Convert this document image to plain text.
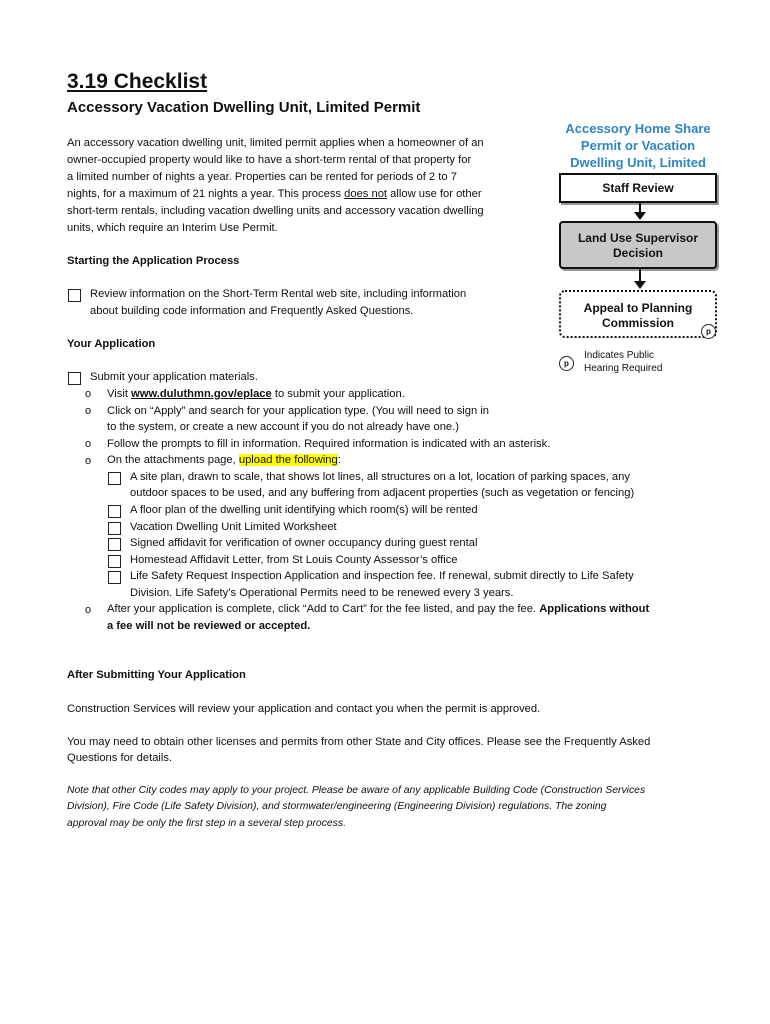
3.19 Checklist
Accessory Vacation Dwelling Unit, Limited Permit
An accessory vacation dwelling unit, limited permit applies when a homeowner of an
owner-occupied property would like to have a short-term rental of that property for
a limited number of nights a year. Properties can be rented for periods of 2 to 7
nights, for a maximum of 21 nights a year. This process does not allow use for other
short-term rentals, including vacation dwelling units and accessory vacation dwelling
units, which require an Interim Use Permit.
Starting the Application Process
Review information on the Short-Term Rental web site, including information
about building code information and Frequently Asked Questions.
Your Application
Submit your application materials.
o Visit www.duluthmn.gov/eplace to submit your application.
o Click on “Apply” and search for your application type. (You will need to sign in
to the system, or create a new account if you do not already have one.)
o Follow the prompts to fill in information. Required information is indicated with an asterisk.
o On the attachments page, upload the following:
A site plan, drawn to scale, that shows lot lines, all structures on a lot, location of parking spaces, any
outdoor spaces to be used, and any buffering from adjacent properties (such as vegetation or fencing)
A floor plan of the dwelling unit identifying which room(s) will be rented
Vacation Dwelling Unit Limited Worksheet
Signed affidavit for verification of owner occupancy during guest rental
Homestead Affidavit Letter, from St Louis County Assessor’s office
Life Safety Request Inspection Application and inspection fee. If renewal, submit directly to Life Safety
Division. Life Safety’s Operational Permits need to be renewed every 3 years.
o After your application is complete, click “Add to Cart” for the fee listed, and pay the fee. Applications without
a fee will not be reviewed or accepted.
After Submitting Your Application
Construction Services will review your application and contact you when the permit is approved.
You may need to obtain other licenses and permits from other State and City offices. Please see the Frequently Asked
Questions for details.
Note that other City codes may apply to your project. Please be aware of any applicable Building Code (Construction Services
Division), Fire Code (Life Safety Division), and stormwater/engineering (Engineering Division) regulations. The zoning
approval may be only the first step in a several step process.
Accessory Home Share
Permit or Vacation
Dwelling Unit, Limited
Staff Review
Land Use Supervisor
Decision
Appeal to Planning
Commission
p
p
Indicates Public
Hearing Required
